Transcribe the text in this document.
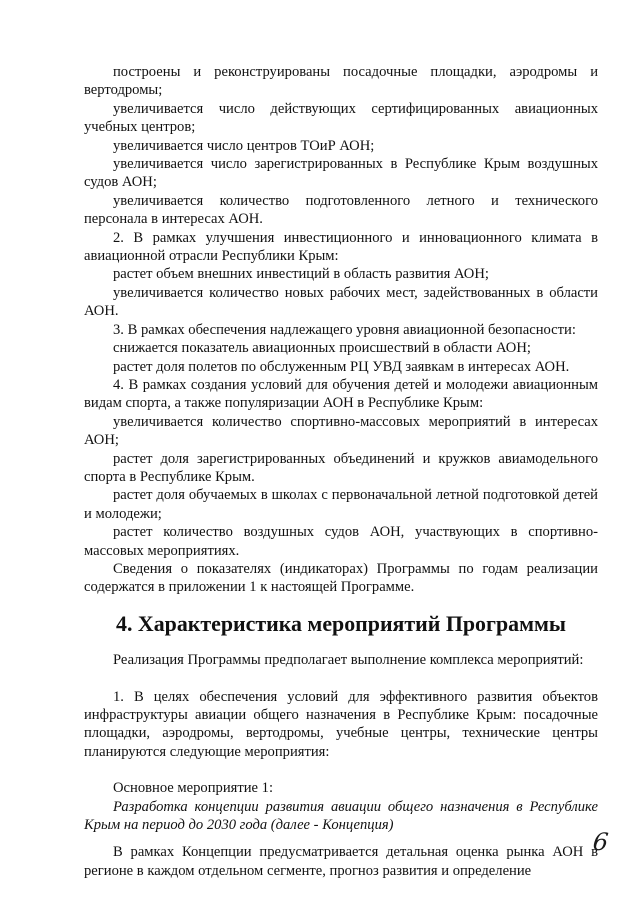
построены и реконструированы посадочные площадки, аэродромы и вертодромы;

увеличивается число действующих сертифицированных авиационных учебных центров;

увеличивается число центров ТОиР АОН;

увеличивается число зарегистрированных в Республике Крым воздушных судов АОН;

увеличивается количество подготовленного летного и технического персонала в интересах АОН.

2. В рамках улучшения инвестиционного и инновационного климата в авиационной отрасли Республики Крым:

растет объем внешних инвестиций в область развития АОН;

увеличивается количество новых рабочих мест, задействованных в области АОН.

3. В рамках обеспечения надлежащего уровня авиационной безопасности:

снижается показатель авиационных происшествий в области АОН;

растет доля полетов по обслуженным РЦ УВД заявкам в интересах АОН.

4. В рамках создания условий для обучения детей и молодежи авиационным видам спорта, а также популяризации АОН в Республике Крым:

увеличивается количество спортивно-массовых мероприятий в интересах АОН;

растет доля зарегистрированных объединений и кружков авиамодельного спорта в Республике Крым.

растет доля обучаемых в школах с первоначальной летной подготовкой детей и молодежи;

растет количество воздушных судов АОН, участвующих в спортивно-массовых мероприятиях.

Сведения о показателях (индикаторах) Программы по годам реализации содержатся в приложении 1 к настоящей Программе.

4. Характеристика мероприятий Программы

Реализация Программы предполагает выполнение комплекса мероприятий:

1. В целях обеспечения условий для эффективного развития объектов инфраструктуры авиации общего назначения в Республике Крым: посадочные площадки, аэродромы, вертодромы, учебные центры, технические центры планируются следующие мероприятия:

Основное мероприятие 1:

Разработка концепции развития авиации общего назначения в Республике Крым на период до 2030 года (далее - Концепция)

В рамках Концепции предусматривается детальная оценка рынка АОН в регионе в каждом отдельном сегменте, прогноз развития и определение

6
